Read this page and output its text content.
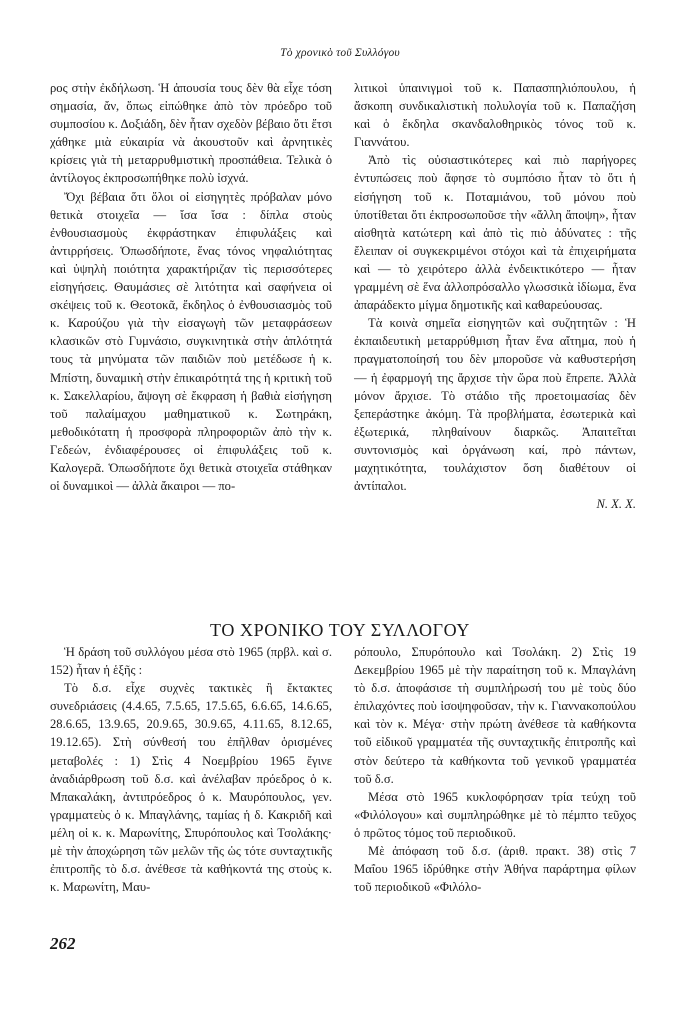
Τὸ χρονικὸ τοῦ Συλλόγου

ρος στὴν ἐκδήλωση. Ἡ ἀπουσία τους δὲν θὰ εἶχε τόση σημασία, ἄν, ὅπως εἰπώθηκε ἀπὸ τὸν πρόεδρο τοῦ συμποσίου κ. Δοξιάδη, δὲν ἦταν σχεδὸν βέβαιο ὅτι ἔτσι χάθηκε μιὰ εὐκαιρία νὰ ἀκουστοῦν καὶ ἀρνητικὲς κρίσεις γιὰ τὴ μεταρρυθμιστικὴ προσπάθεια. Τελικὰ ὁ ἀντίλογος ἐκπροσωπήθηκε πολὺ ἰσχνά.

Ὄχι βέβαια ὅτι ὅλοι οἱ εἰσηγητὲς πρόβαλαν μόνο θετικὰ στοιχεῖα — ἴσα ἴσα : δίπλα στοὺς ἐνθουσιασμοὺς ἐκφράστηκαν ἐπιφυλάξεις καὶ ἀντιρρήσεις. Ὁπωσδήποτε, ἕνας τόνος νηφαλιότητας καὶ ὑψηλὴ ποιότητα χαρακτήριζαν τὶς περισσότερες εἰσηγήσεις. Θαυμάσιες σὲ λιτότητα καὶ σαφήνεια οἱ σκέψεις τοῦ κ. Θεοτοκᾶ, ἔκδηλος ὁ ἐνθουσιασμὸς τοῦ κ. Καρούζου γιὰ τὴν εἰσαγωγὴ τῶν μεταφράσεων κλασικῶν στὸ Γυμνάσιο, συγκινητικὰ στὴν ἁπλότητά τους τὰ μηνύματα τῶν παιδιῶν ποὺ μετέδωσε ἡ κ. Μπίστη, δυναμικὴ στὴν ἐπικαιρότητά της ἡ κριτικὴ τοῦ κ. Σακελλαρίου, ἄψογη σὲ ἔκφραση ἡ βαθιὰ εἰσήγηση τοῦ παλαίμαχου μαθηματικοῦ κ. Σωτηράκη, μεθοδικότατη ἡ προσφορὰ πληροφοριῶν ἀπὸ τὴν κ. Γεδεών, ἐνδιαφέρουσες οἱ ἐπιφυλάξεις τοῦ κ. Καλογερᾶ. Ὁπωσδήποτε ὄχι θετικὰ στοιχεῖα στάθηκαν οἱ δυναμικοὶ — ἀλλὰ ἄκαιροι — πο-

λιτικοὶ ὑπαινιγμοὶ τοῦ κ. Παπασπηλιόπουλου, ἡ ἄσκοπη συνδικαλιστικὴ πολυλογία τοῦ κ. Παπαζήση καὶ ὁ ἔκδηλα σκανδαλοθηρικὸς τόνος τοῦ κ. Γιαννάτου.

Ἀπὸ τὶς οὐσιαστικότερες καὶ πιὸ παρήγορες ἐντυπώσεις ποὺ ἄφησε τὸ συμπόσιο ἦταν τὸ ὅτι ἡ εἰσήγηση τοῦ κ. Ποταμιάνου, τοῦ μόνου ποὺ ὑποτίθεται ὅτι ἐκπροσωποῦσε τὴν «ἄλλη ἄποψη», ἦταν αἰσθητὰ κατώτερη καὶ ἀπὸ τὶς πιὸ ἀδύνατες : τῆς ἔλειπαν οἱ συγκεκριμένοι στόχοι καὶ τὰ ἐπιχειρήματα καὶ — τὸ χειρότερο ἀλλὰ ἐνδεικτικότερο — ἦταν γραμμένη σὲ ἕνα ἀλλοπρόσαλλο γλωσσικὰ ἰδίωμα, ἕνα ἀπαράδεκτο μίγμα δημοτικῆς καὶ καθαρεύουσας.

Τὰ κοινὰ σημεῖα εἰσηγητῶν καὶ συζητητῶν : Ἡ ἐκπαιδευτικὴ μεταρρύθμιση ἦταν ἕνα αἴτημα, ποὺ ἡ πραγματοποίησή του δὲν μποροῦσε νὰ καθυστερήση — ἡ ἐφαρμογή της ἄρχισε τὴν ὥρα ποὺ ἔπρεπε. Ἀλλὰ μόνον ἄρχισε. Τὸ στάδιο τῆς προετοιμασίας δὲν ξεπεράστηκε ἀκόμη. Τὰ προβλήματα, ἐσωτερικὰ καὶ ἐξωτερικά, πληθαίνουν διαρκῶς. Ἀπαιτεῖται συντονισμὸς καὶ ὀργάνωση καί, πρὸ πάντων, μαχητικότητα, τουλάχιστον ὅση διαθέτουν οἱ ἀντίπαλοι.

Ν. Χ. Χ.

ΤΟ ΧΡΟΝΙΚΟ ΤΟΥ ΣΥΛΛΟΓΟΥ

Ἡ δράση τοῦ συλλόγου μέσα στὸ 1965 (πρβλ. καὶ σ. 152) ἦταν ἡ ἑξῆς :

Τὸ δ.σ. εἶχε συχνὲς τακτικὲς ἢ ἔκτακτες συνεδριάσεις (4.4.65, 7.5.65, 17.5.65, 6.6.65, 14.6.65, 28.6.65, 13.9.65, 20.9.65, 30.9.65, 4.11.65, 8.12.65, 19.12.65). Στὴ σύνθεσή του ἐπῆλθαν ὁρισμένες μεταβολές : 1) Στὶς 4 Νοεμβρίου 1965 ἔγινε ἀναδιάρθρωση τοῦ δ.σ. καὶ ἀνέλαβαν πρόεδρος ὁ κ. Μπακαλάκη, ἀντιπρόεδρος ὁ κ. Μαυρόπουλος, γεν. γραμματεὺς ὁ κ. Μπαγλάνης, ταμίας ἡ δ. Κακριδῆ καὶ μέλη οἱ κ. κ. Μαρωνίτης, Σπυρόπουλος καὶ Τσολάκης· μὲ τὴν ἀποχώρηση τῶν μελῶν τῆς ὡς τότε συνταχτικῆς ἐπιτροπῆς τὸ δ.σ. ἀνέθεσε τὰ καθήκοντά της στοὺς κ. κ. Μαρωνίτη, Μαυ-

ρόπουλο, Σπυρόπουλο καὶ Τσολάκη. 2) Στὶς 19 Δεκεμβρίου 1965 μὲ τὴν παραίτηση τοῦ κ. Μπαγλάνη τὸ δ.σ. ἀποφάσισε τὴ συμπλήρωσή του μὲ τοὺς δύο ἐπιλαχόντες ποὺ ἰσοψηφοῦσαν, τὴν κ. Γιαννακοπούλου καὶ τὸν κ. Μέγα· στὴν πρώτη ἀνέθεσε τὰ καθήκοντα τοῦ εἰδικοῦ γραμματέα τῆς συνταχτικῆς ἐπιτροπῆς καὶ στὸν δεύτερο τὰ καθήκοντα τοῦ γενικοῦ γραμματέα τοῦ δ.σ.

Μέσα στὸ 1965 κυκλοφόρησαν τρία τεύχη τοῦ «Φιλόλογου» καὶ συμπληρώθηκε μὲ τὸ πέμπτο τεῦχος ὁ πρῶτος τόμος τοῦ περιοδικοῦ.

Μὲ ἀπόφαση τοῦ δ.σ. (ἀριθ. πρακτ. 38) στὶς 7 Μαΐου 1965 ἱδρύθηκε στὴν Ἀθήνα παράρτημα φίλων τοῦ περιοδικοῦ «Φιλόλο-

262
